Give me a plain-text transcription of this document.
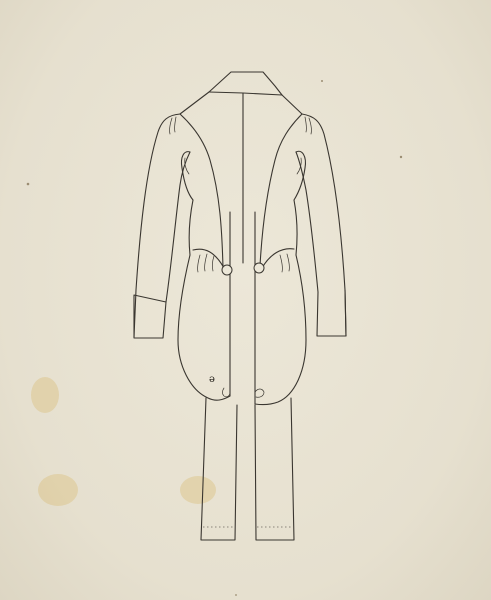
ə
